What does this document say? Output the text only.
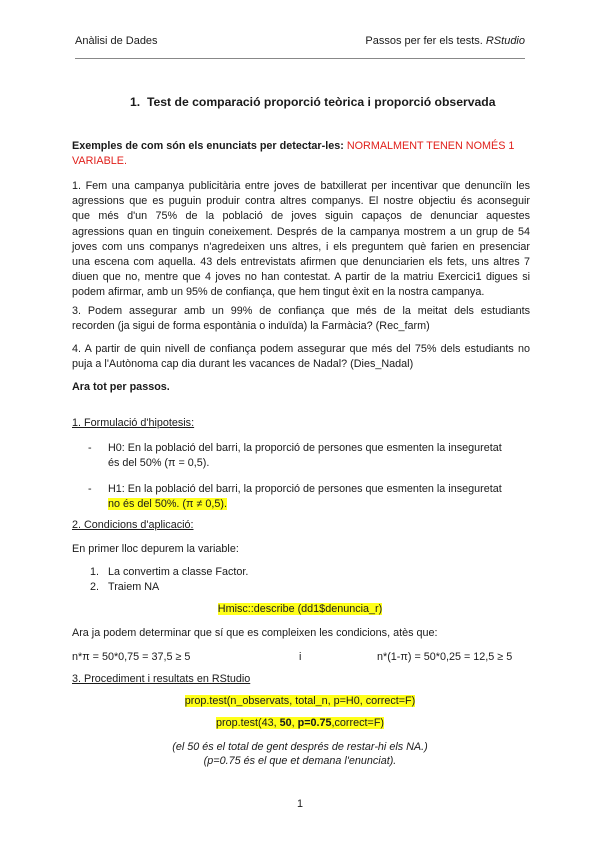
Anàlisi de Dades	Passos per fer els tests. RStudio
1. Test de comparació proporció teòrica i proporció observada
Exemples de com són els enunciats per detectar-les: NORMALMENT TENEN NOMÉS 1
VARIABLE.
1. Fem una campanya publicitària entre joves de batxillerat per incentivar que denunciïn les
agressions que es puguin produir contra altres companys. El nostre objectiu és aconseguir
que més d'un 75% de la població de joves siguin capaços de denunciar aquestes
agressions quan en tinguin coneixement. Després de la campanya mostrem a un grup de 54
joves com uns companys n'agredeixen uns altres, i els preguntem què farien en presenciar
una escena com aquella. 43 dels entrevistats afirmen que denunciarien els fets, uns altres 7
diuen que no, mentre que 4 joves no han contestat. A partir de la matriu Exercici1 digues si
podem afirmar, amb un 95% de confiança, que hem tingut èxit en la nostra campanya.
3. Podem assegurar amb un 99% de confiança que més de la meitat dels estudiants
recorden (ja sigui de forma espontània o induïda) la Farmàcia? (Rec_farm)
4. A partir de quin nivell de confiança podem assegurar que més del 75% dels estudiants no
puja a l'Autònoma cap dia durant les vacances de Nadal? (Dies_Nadal)
Ara tot per passos.
1. Formulació d'hipotesis:
- H0: En la població del barri, la proporció de persones que esmenten la inseguretat
és del 50% (π = 0,5).
- H1: En la població del barri, la proporció de persones que esmenten la inseguretat
no és del 50%. (π ≠ 0,5).
2. Condicions d'aplicació:
En primer lloc depurem la variable:
1. La convertim a classe Factor.
2. Traiem NA
Hmisc::describe (dd1$denuncia_r)
Ara ja podem determinar que sí que es compleixen les condicions, atès que:
n*π = 50*0,75 = 37,5 ≥ 5	i	n*(1-π) = 50*0,25 = 12,5 ≥ 5
3. Procediment i resultats en RStudio
prop.test(n_observats, total_n, p=H0, correct=F)
prop.test(43, 50, p=0.75,correct=F)
(el 50 és el total de gent després de restar-hi els NA.)
(p=0.75 és el que et demana l'enunciat).
1
